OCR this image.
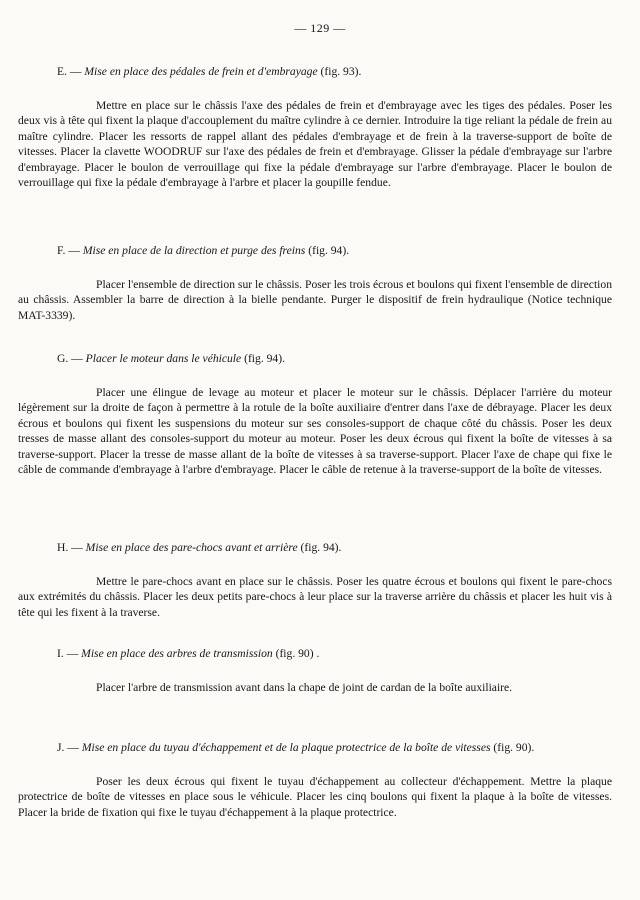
— 129 —

E. — Mise en place des pédales de frein et d'embrayage (fig. 93).

Mettre en place sur le châssis l'axe des pédales de frein et d'embrayage avec les tiges des pédales. Poser les deux vis à tête qui fixent la plaque d'accouplement du maître cylindre à ce dernier. Introduire la tige reliant la pédale de frein au maître cylindre. Placer les ressorts de rappel allant des pédales d'embrayage et de frein à la traverse-support de boîte de vitesses. Placer la clavette WOODRUF sur l'axe des pédales de frein et d'embrayage. Glisser la pédale d'embrayage sur l'arbre d'embrayage. Placer le boulon de verrouillage qui fixe la pédale d'embrayage sur l'arbre d'embrayage. Placer le boulon de verrouillage qui fixe la pédale d'embrayage à l'arbre et placer la goupille fendue.

F. — Mise en place de la direction et purge des freins (fig. 94).

Placer l'ensemble de direction sur le châssis. Poser les trois écrous et boulons qui fixent l'ensemble de direction au châssis. Assembler la barre de direction à la bielle pendante. Purger le dispositif de frein hydraulique (Notice technique MAT-3339).

G. — Placer le moteur dans le véhicule (fig. 94).

Placer une élingue de levage au moteur et placer le moteur sur le châssis. Déplacer l'arrière du moteur légèrement sur la droite de façon à permettre à la rotule de la boîte auxiliaire d'entrer dans l'axe de débrayage. Placer les deux écrous et boulons qui fixent les suspensions du moteur sur ses consoles-support de chaque côté du châssis. Poser les deux tresses de masse allant des consoles-support du moteur au moteur. Poser les deux écrous qui fixent la boîte de vitesses à sa traverse-support. Placer la tresse de masse allant de la boîte de vitesses à sa traverse-support. Placer l'axe de chape qui fixe le câble de commande d'embrayage à l'arbre d'embrayage. Placer le câble de retenue à la traverse-support de la boîte de vitesses.

H. — Mise en place des pare-chocs avant et arrière (fig. 94).

Mettre le pare-chocs avant en place sur le châssis. Poser les quatre écrous et boulons qui fixent le pare-chocs aux extrémités du châssis. Placer les deux petits pare-chocs à leur place sur la traverse arrière du châssis et placer les huit vis à tête qui les fixent à la traverse.

I. — Mise en place des arbres de transmission (fig. 90) .

Placer l'arbre de transmission avant dans la chape de joint de cardan de la boîte auxiliaire.

J. — Mise en place du tuyau d'échappement et de la plaque protectrice de la boîte de vitesses (fig. 90).

Poser les deux écrous qui fixent le tuyau d'échappement au collecteur d'échappement. Mettre la plaque protectrice de boîte de vitesses en place sous le véhicule. Placer les cinq boulons qui fixent la plaque à la boîte de vitesses. Placer la bride de fixation qui fixe le tuyau d'échappement à la plaque protectrice.
